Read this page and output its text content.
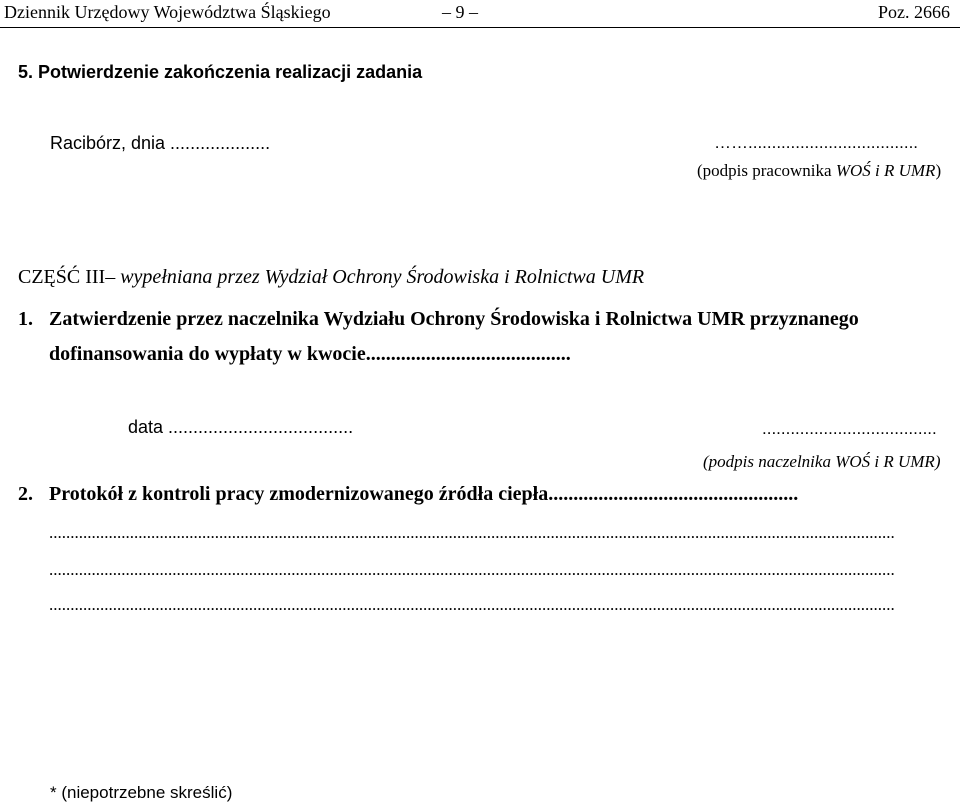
Dziennik Urzędowy Województwa Śląskiego	– 9 –	Poz. 2666
5. Potwierdzenie zakończenia realizacji zadania
Racibórz, dnia ....................	……....................................
(podpis pracownika WOŚ i R UMR)
CZĘŚĆ III– wypełniana przez Wydział Ochrony Środowiska i Rolnictwa UMR
1. Zatwierdzenie przez naczelnika Wydziału Ochrony Środowiska i Rolnictwa UMR przyznanego
dofinansowania do wypłaty w kwocie.........................................
data .....................................	.....................................
(podpis naczelnika WOŚ i R UMR)
2. Protokół z kontroli pracy zmodernizowanego źródła ciepła..................................................
.......................................................................................................................................................................................................
.......................................................................................................................................................................................................
.......................................................................................................................................................................................................
* (niepotrzebne skreślić)
